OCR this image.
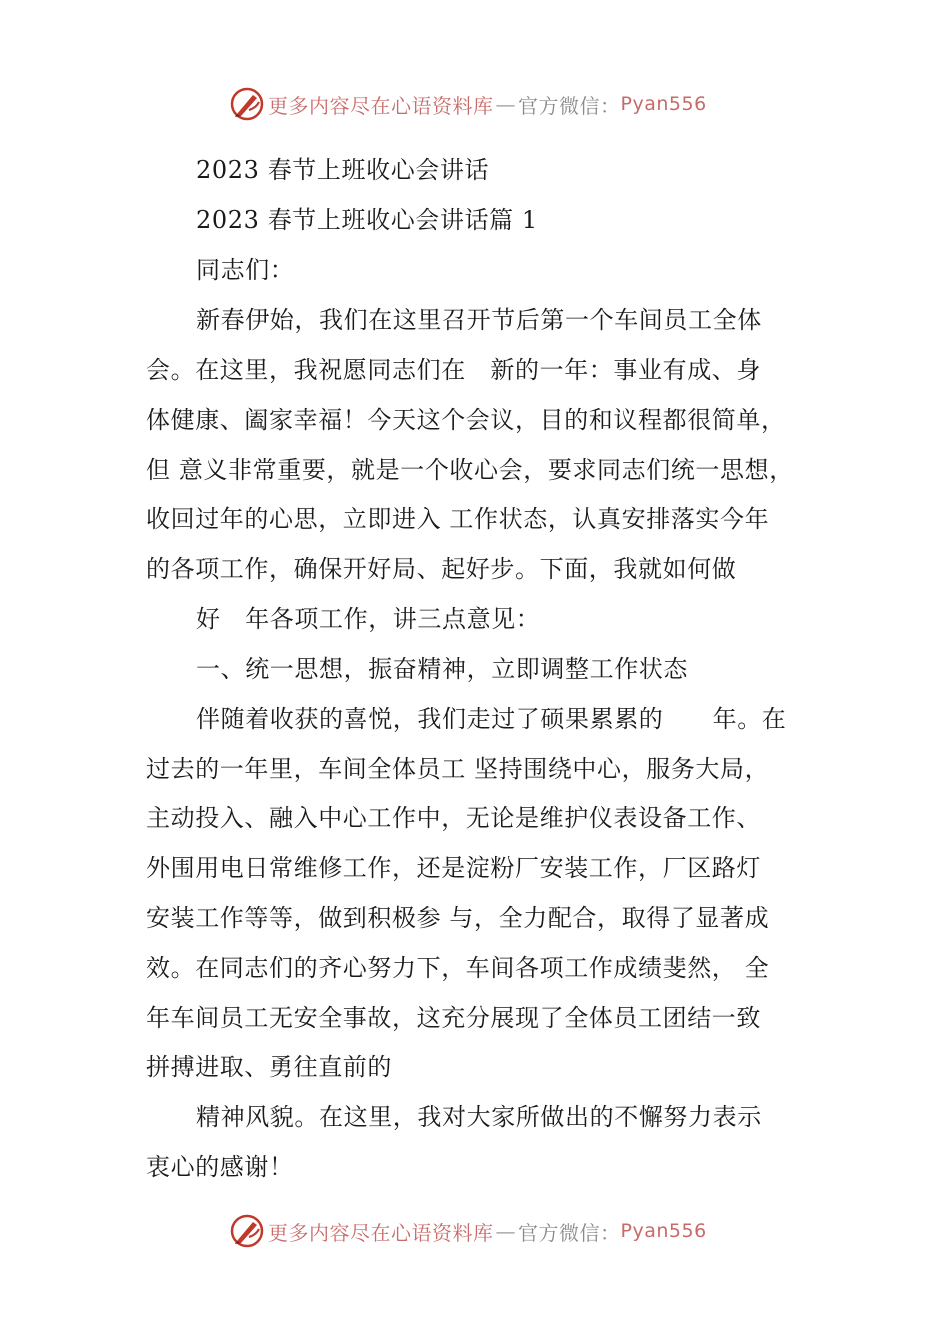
更多内容尽在心语资料库 — 官方微信： Pyan556
2023 春节上班收心会讲话
2023 春节上班收心会讲话篇 1
同志们：
新春伊始，我们在这里召开节后第一个车间员工全体
会。在这里，我祝愿同志们在　新的一年：事业有成、身
体健康、阖家幸福！今天这个会议，目的和议程都很简单，
但 意义非常重要，就是一个收心会，要求同志们统一思想，
收回过年的心思，立即进入 工作状态，认真安排落实今年
的各项工作，确保开好局、起好步。下面，我就如何做
好　年各项工作，讲三点意见：
一、统一思想，振奋精神，立即调整工作状态
伴随着收获的喜悦，我们走过了硕果累累的　　年。在
过去的一年里，车间全体员工 坚持围绕中心，服务大局，
主动投入、融入中心工作中，无论是维护仪表设备工作、
外围用电日常维修工作，还是淀粉厂安装工作，厂区路灯
安装工作等等，做到积极参 与，全力配合，取得了显著成
效。在同志们的齐心努力下，车间各项工作成绩斐然， 全
年车间员工无安全事故，这充分展现了全体员工团结一致
拼搏进取、勇往直前的
精神风貌。在这里，我对大家所做出的不懈努力表示
衷心的感谢！
更多内容尽在心语资料库 — 官方微信： Pyan556
